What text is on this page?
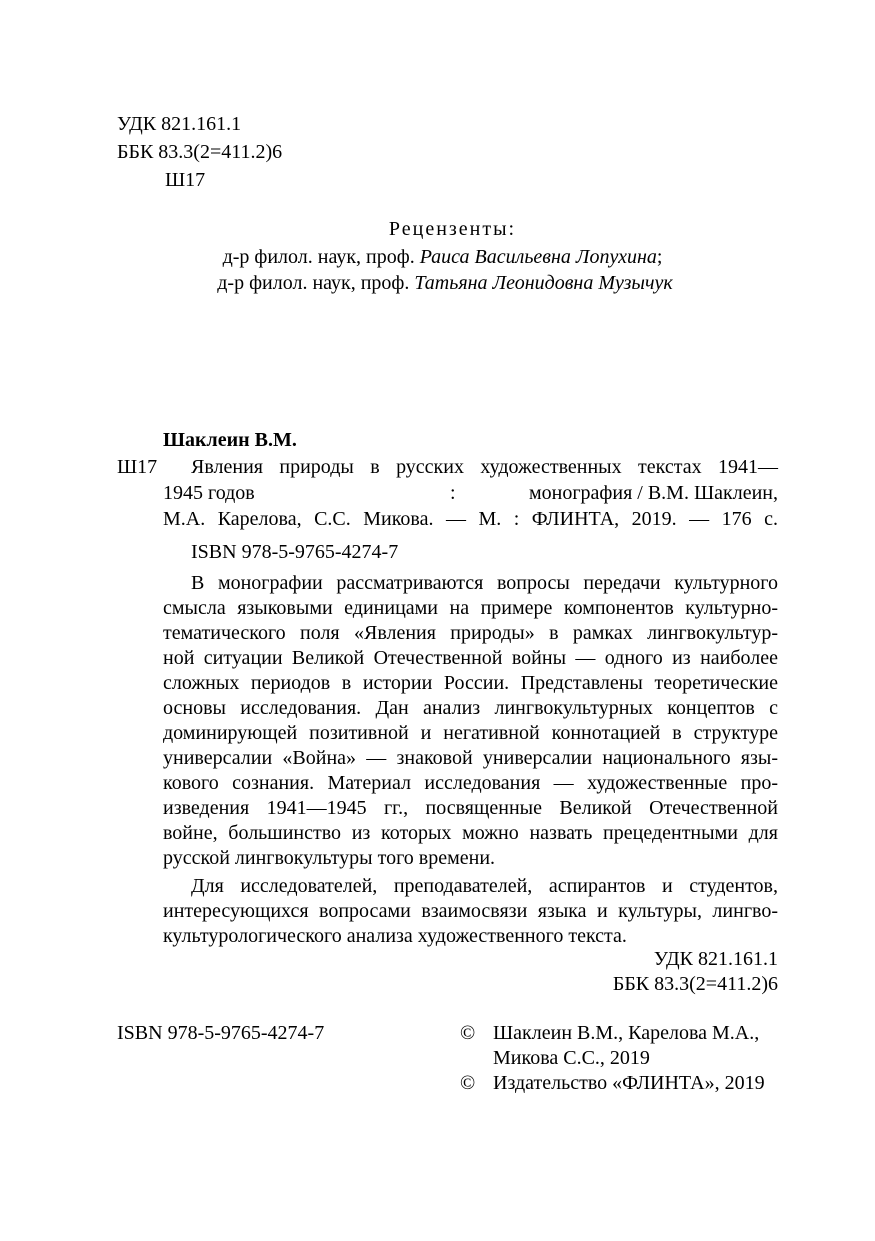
УДК 821.161.1
ББК 83.3(2=411.2)6
Ш17
Рецензенты:
д-р филол. наук, проф. Раиса Васильевна Лопухина;
д-р филол. наук, проф. Татьяна Леонидовна Музычук
Шаклеин В.М.
Ш17 Явления природы в русских художественных текстах 1941—
1945 годов	:	монография / В.М. Шаклеин,
М.А. Карелова, С.С. Микова. — М. : ФЛИНТА, 2019. — 176 с.
ISBN 978-5-9765-4274-7
В монографии рассматриваются вопросы передачи культурного
смысла языковыми единицами на примере компонентов культурно-
тематического поля «Явления природы» в рамках лингвокультур-
ной ситуации Великой Отечественной войны — одного из наиболее
сложных периодов в истории России. Представлены теоретические
основы исследования. Дан анализ лингвокультурных концептов с
доминирующей позитивной и негативной коннотацией в структуре
универсалии «Война» — знаковой универсалии национального язы-
кового сознания. Материал исследования — художественные про-
изведения 1941—1945 гг., посвященные Великой Отечественной
войне, большинство из которых можно назвать прецедентными для
русской лингвокультуры того времени.
Для исследователей, преподавателей, аспирантов и студентов,
интересующихся вопросами взаимосвязи языка и культуры, лингво-
культурологического анализа художественного текста.
УДК 821.161.1
ББК 83.3(2=411.2)6
ISBN 978-5-9765-4274-7	© Шаклеин В.М., Карелова М.А.,
Микова С.С., 2019
© Издательство «ФЛИНТА», 2019
